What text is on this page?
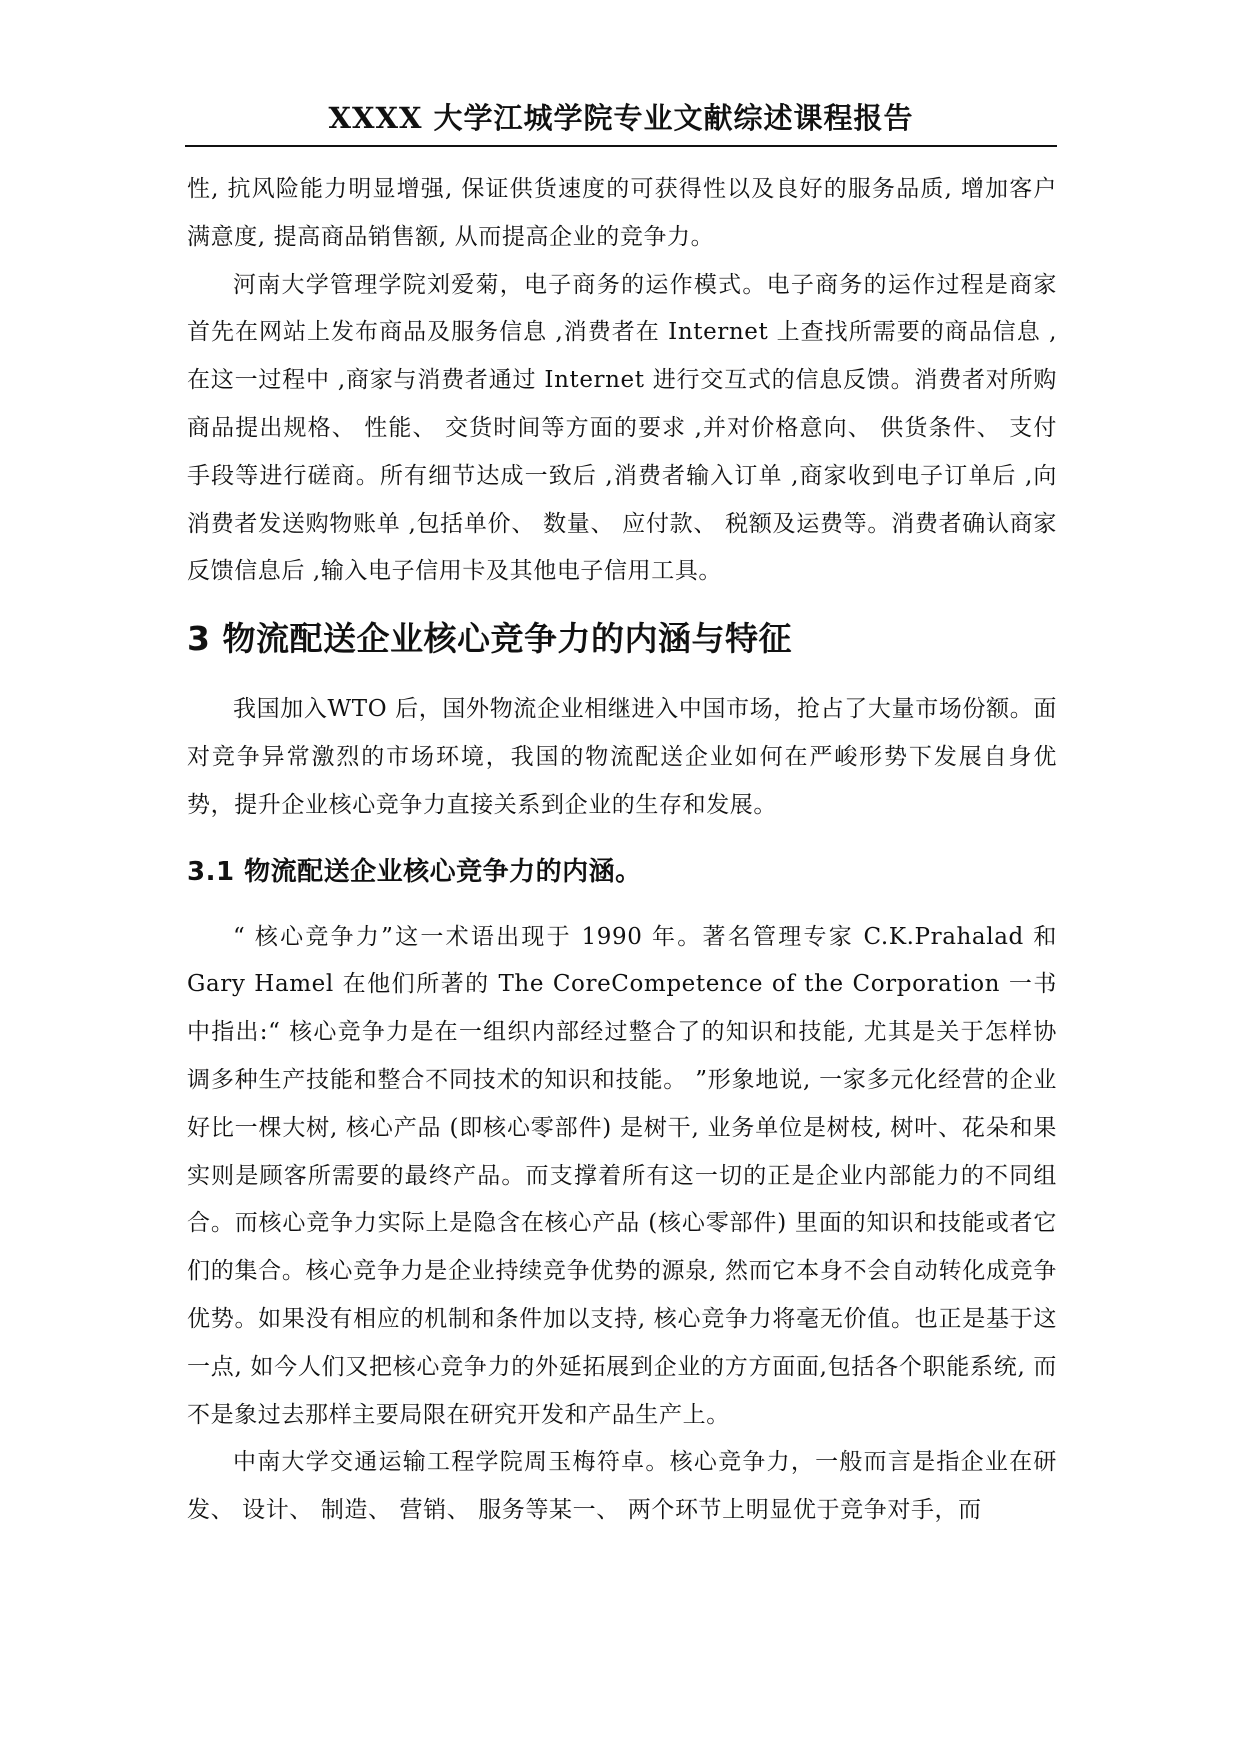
XXXX 大学江城学院专业文献综述课程报告

性, 抗风险能力明显增强, 保证供货速度的可获得性以及良好的服务品质, 增加客户满意度, 提高商品销售额, 从而提高企业的竞争力。

河南大学管理学院刘爱菊，电子商务的运作模式。电子商务的运作过程是商家首先在网站上发布商品及服务信息 ,消费者在 Internet 上查找所需要的商品信息 ,在这一过程中 ,商家与消费者通过 Internet 进行交互式的信息反馈。消费者对所购商品提出规格、 性能、 交货时间等方面的要求 ,并对价格意向、 供货条件、 支付手段等进行磋商。所有细节达成一致后 ,消费者输入订单 ,商家收到电子订单后 ,向消费者发送购物账单 ,包括单价、 数量、 应付款、 税额及运费等。消费者确认商家反馈信息后 ,输入电子信用卡及其他电子信用工具。

3 物流配送企业核心竞争力的内涵与特征

我国加入WTO 后，国外物流企业相继进入中国市场，抢占了大量市场份额。面对竞争异常激烈的市场环境，我国的物流配送企业如何在严峻形势下发展自身优势，提升企业核心竞争力直接关系到企业的生存和发展。

3.1 物流配送企业核心竞争力的内涵。

“ 核心竞争力”这一术语出现于 1990 年。著名管理专家 C.K.Prahalad 和 Gary Hamel 在他们所著的 The CoreCompetence of the Corporation 一书中指出:“ 核心竞争力是在一组织内部经过整合了的知识和技能, 尤其是关于怎样协调多种生产技能和整合不同技术的知识和技能。 ”形象地说, 一家多元化经营的企业好比一棵大树, 核心产品 (即核心零部件) 是树干, 业务单位是树枝, 树叶、花朵和果实则是顾客所需要的最终产品。而支撑着所有这一切的正是企业内部能力的不同组合。而核心竞争力实际上是隐含在核心产品 (核心零部件) 里面的知识和技能或者它们的集合。核心竞争力是企业持续竞争优势的源泉, 然而它本身不会自动转化成竞争优势。如果没有相应的机制和条件加以支持, 核心竞争力将毫无价值。也正是基于这一点, 如今人们又把核心竞争力的外延拓展到企业的方方面面,包括各个职能系统, 而不是象过去那样主要局限在研究开发和产品生产上。

中南大学交通运输工程学院周玉梅符卓。核心竞争力，一般而言是指企业在研发、 设计、 制造、 营销、 服务等某一、 两个环节上明显优于竞争对手，而
